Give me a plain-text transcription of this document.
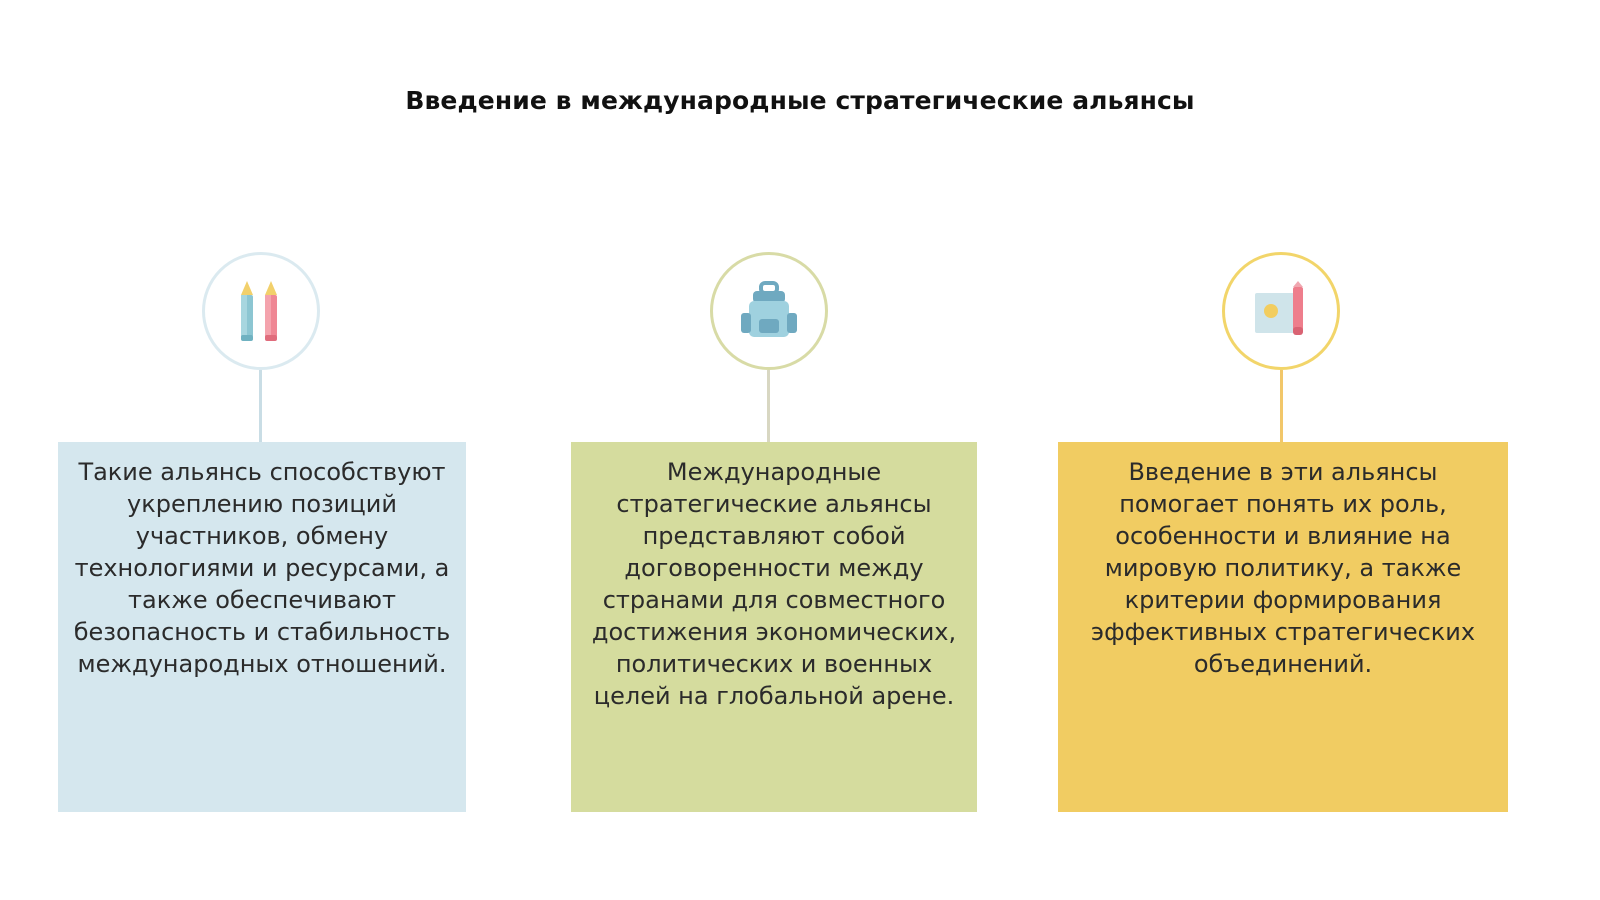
Введение в международные стратегические альянсы
Такие альянсь способствуют укреплению позиций участников, обмену технологиями и ресурсами, а также обеспечивают безопасность и стабильность международных отношений.
Международные стратегические альянсы представляют собой договоренности между странами для совместного достижения экономических, политических и военных целей на глобальной арене.
Введение в эти альянсы помогает понять их роль, особенности и влияние на мировую политику, а также критерии формирования эффективных стратегических объединений.
